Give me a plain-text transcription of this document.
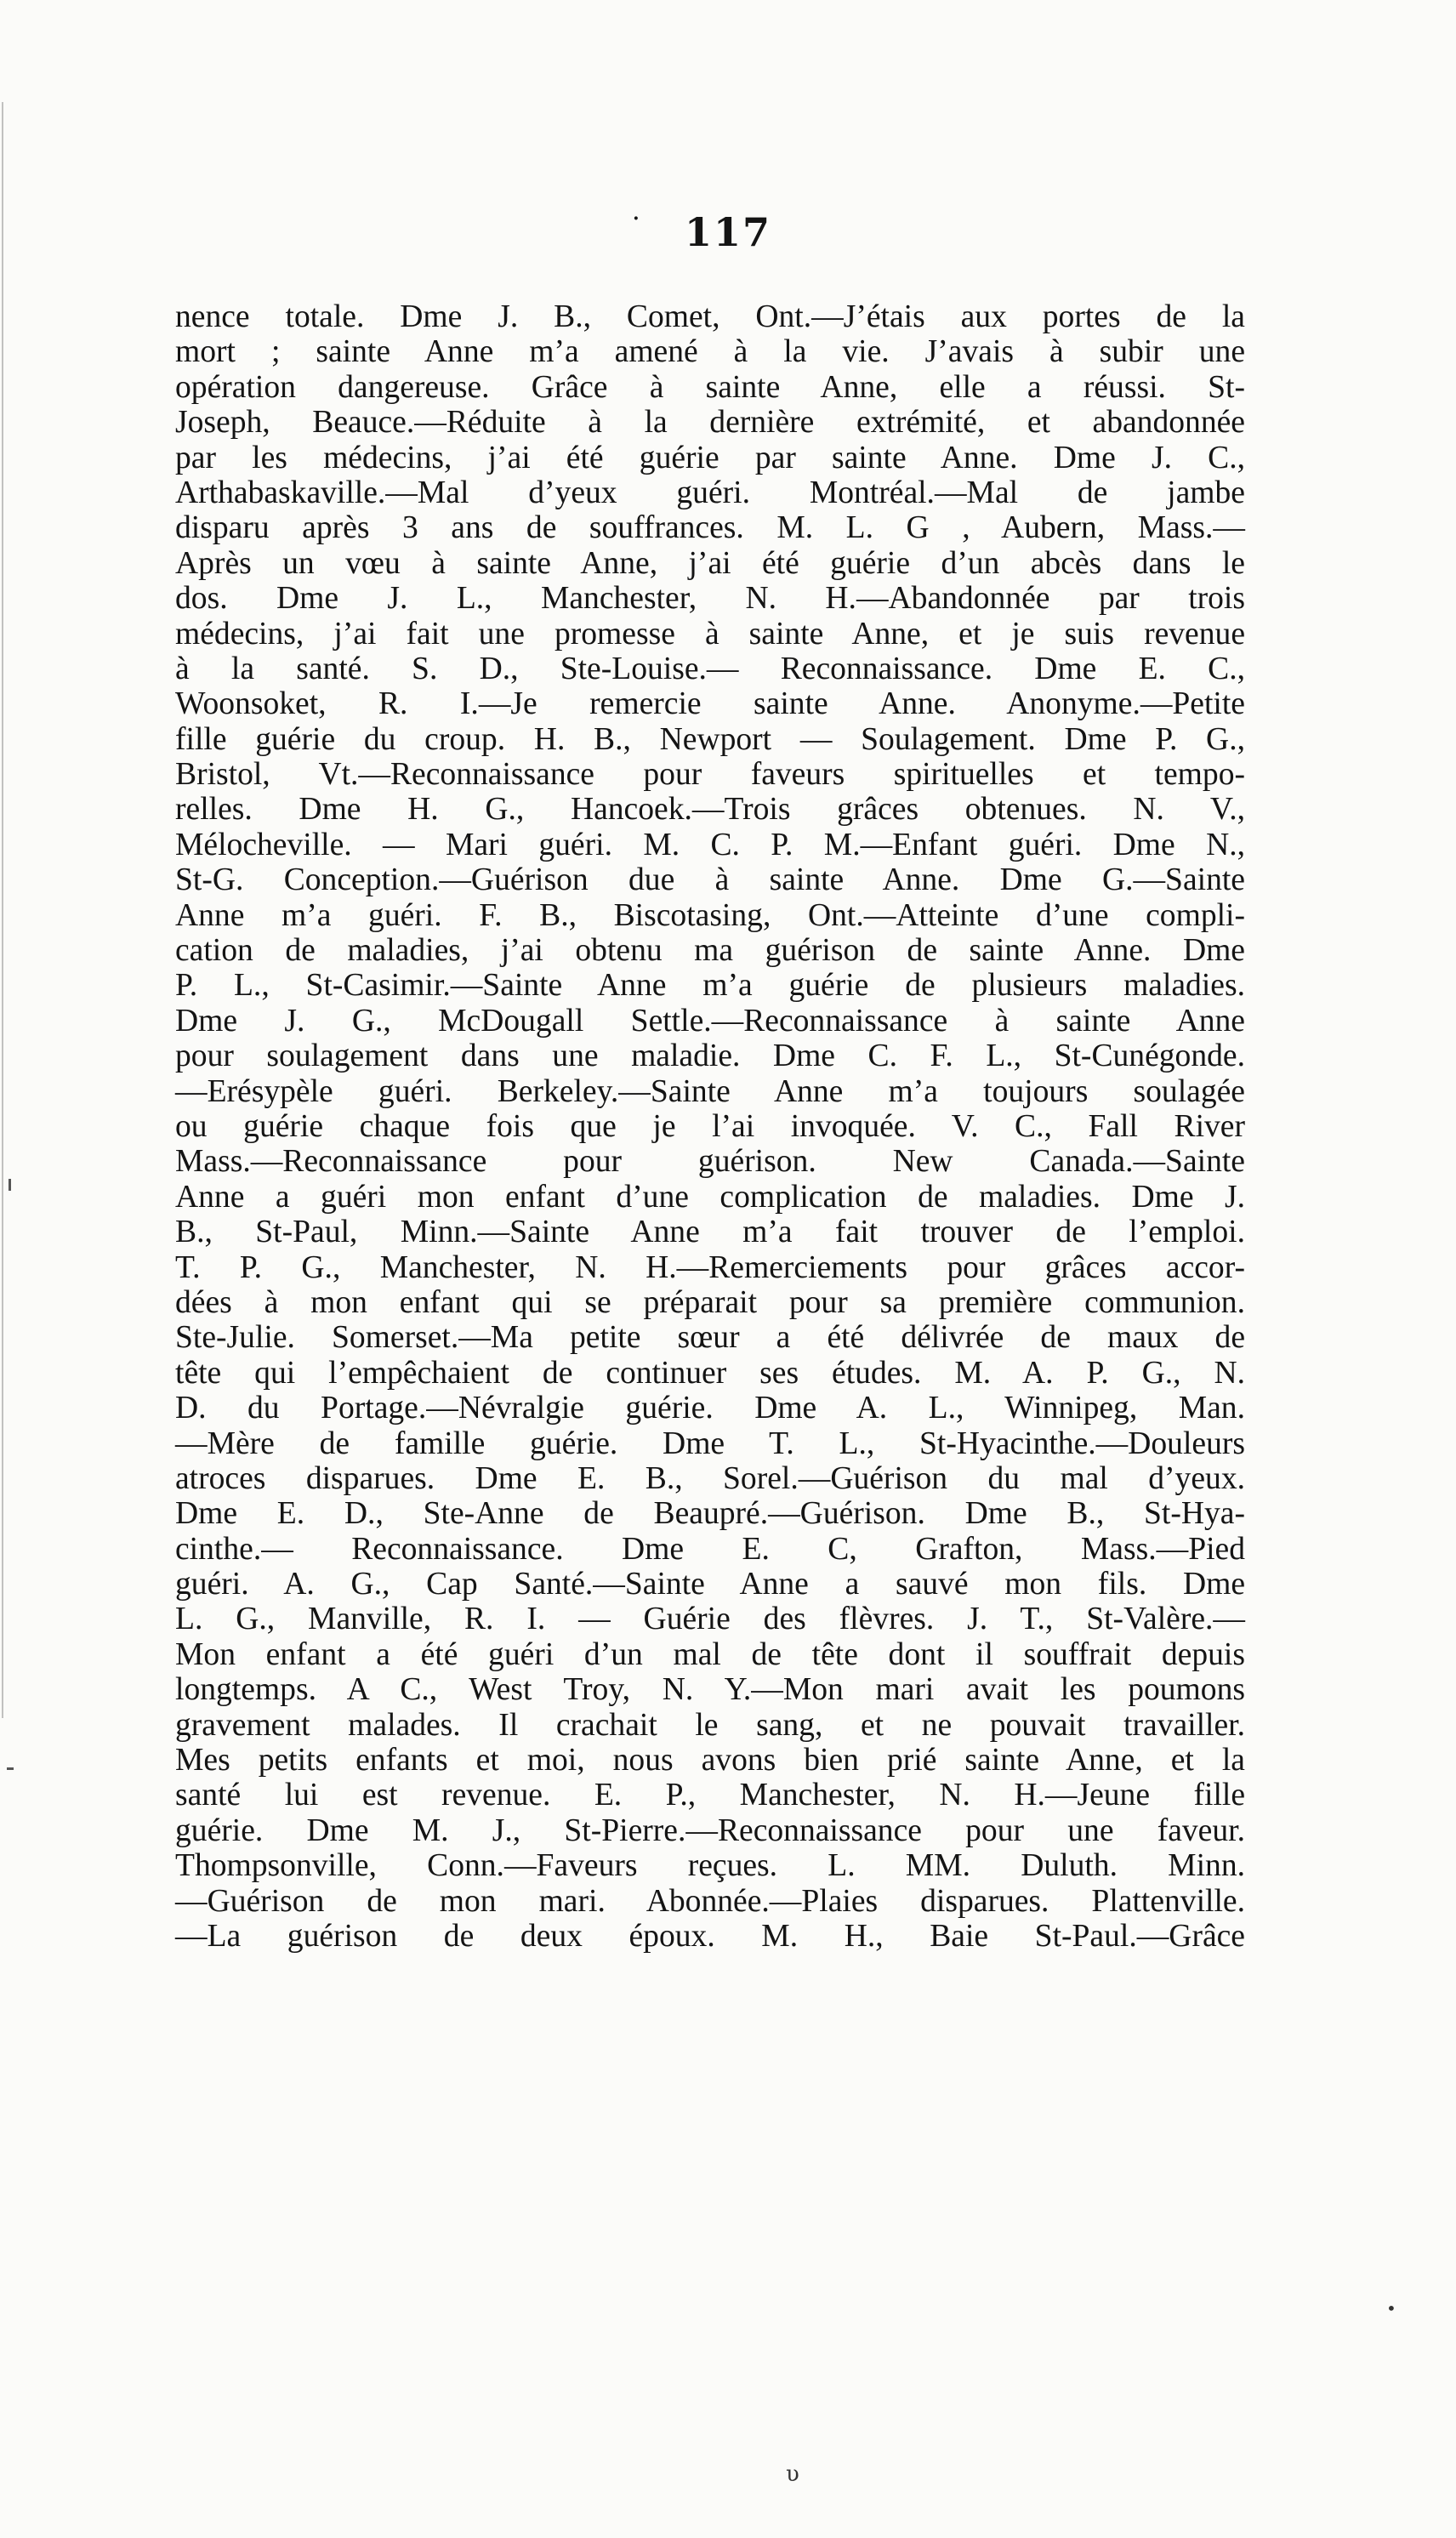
·	117
nence totale. Dme J. B., Comet, Ont.—J’étais aux portes de la
mort ; sainte Anne m’a amené à la vie. J’avais à subir une
opération dangereuse. Grâce à sainte Anne, elle a réussi. St-
Joseph, Beauce.—Réduite à la dernière extrémité, et abandonnée
par les médecins, j’ai été guérie par sainte Anne. Dme J. C.,
Arthabaskaville.—Mal d’yeux guéri. Montréal.—Mal de jambe
disparu après 3 ans de souffrances. M. L. G , Aubern, Mass.—
Après un vœu à sainte Anne, j’ai été guérie d’un abcès dans le
dos. Dme J. L., Manchester, N. H.—Abandonnée par trois
médecins, j’ai fait une promesse à sainte Anne, et je suis revenue
à la santé. S. D., Ste-Louise.— Reconnaissance. Dme E. C.,
Woonsoket, R. I.—Je remercie sainte Anne. Anonyme.—Petite
fille guérie du croup. H. B., Newport — Soulagement. Dme P. G.,
Bristol, Vt.—Reconnaissance pour faveurs spirituelles et tempo-
relles. Dme H. G., Hancoek.—Trois grâces obtenues. N. V.,
Mélocheville. — Mari guéri. M. C. P. M.—Enfant guéri. Dme N.,
St-G. Conception.—Guérison due à sainte Anne. Dme G.—Sainte
Anne m’a guéri. F. B., Biscotasing, Ont.—Atteinte d’une compli-
cation de maladies, j’ai obtenu ma guérison de sainte Anne. Dme
P. L., St-Casimir.—Sainte Anne m’a guérie de plusieurs maladies.
Dme J. G., McDougall Settle.—Reconnaissance à sainte Anne
pour soulagement dans une maladie. Dme C. F. L., St-Cunégonde.
—Erésypèle guéri. Berkeley.—Sainte Anne m’a toujours soulagée
ou guérie chaque fois que je l’ai invoquée. V. C., Fall River
Mass.—Reconnaissance pour guérison. New Canada.—Sainte
Anne a guéri mon enfant d’une complication de maladies. Dme J.
B., St-Paul, Minn.—Sainte Anne m’a fait trouver de l’emploi.
T. P. G., Manchester, N. H.—Remerciements pour grâces accor-
dées à mon enfant qui se préparait pour sa première communion.
Ste-Julie. Somerset.—Ma petite sœur a été délivrée de maux de
tête qui l’empêchaient de continuer ses études. M. A. P. G., N.
D. du Portage.—Névralgie guérie. Dme A. L., Winnipeg, Man.
—Mère de famille guérie. Dme T. L., St-Hyacinthe.—Douleurs
atroces disparues. Dme E. B., Sorel.—Guérison du mal d’yeux.
Dme E. D., Ste-Anne de Beaupré.—Guérison. Dme B., St-Hya-
cinthe.— Reconnaissance. Dme E. C, Grafton, Mass.—Pied
guéri. A. G., Cap Santé.—Sainte Anne a sauvé mon fils. Dme
L. G., Manville, R. I. — Guérie des flèvres. J. T., St-Valère.—
Mon enfant a été guéri d’un mal de tête dont il souffrait depuis
longtemps. A C., West Troy, N. Y.—Mon mari avait les poumons
gravement malades. Il crachait le sang, et ne pouvait travailler.
Mes petits enfants et moi, nous avons bien prié sainte Anne, et la
santé lui est revenue. E. P., Manchester, N. H.—Jeune fille
guérie. Dme M. J., St-Pierre.—Reconnaissance pour une faveur.
Thompsonville, Conn.—Faveurs reçues. L. MM. Duluth. Minn.
—Guérison de mon mari. Abonnée.—Plaies disparues. Plattenville.
—La guérison de deux époux. M. H., Baie St-Paul.—Grâce
•
υ
